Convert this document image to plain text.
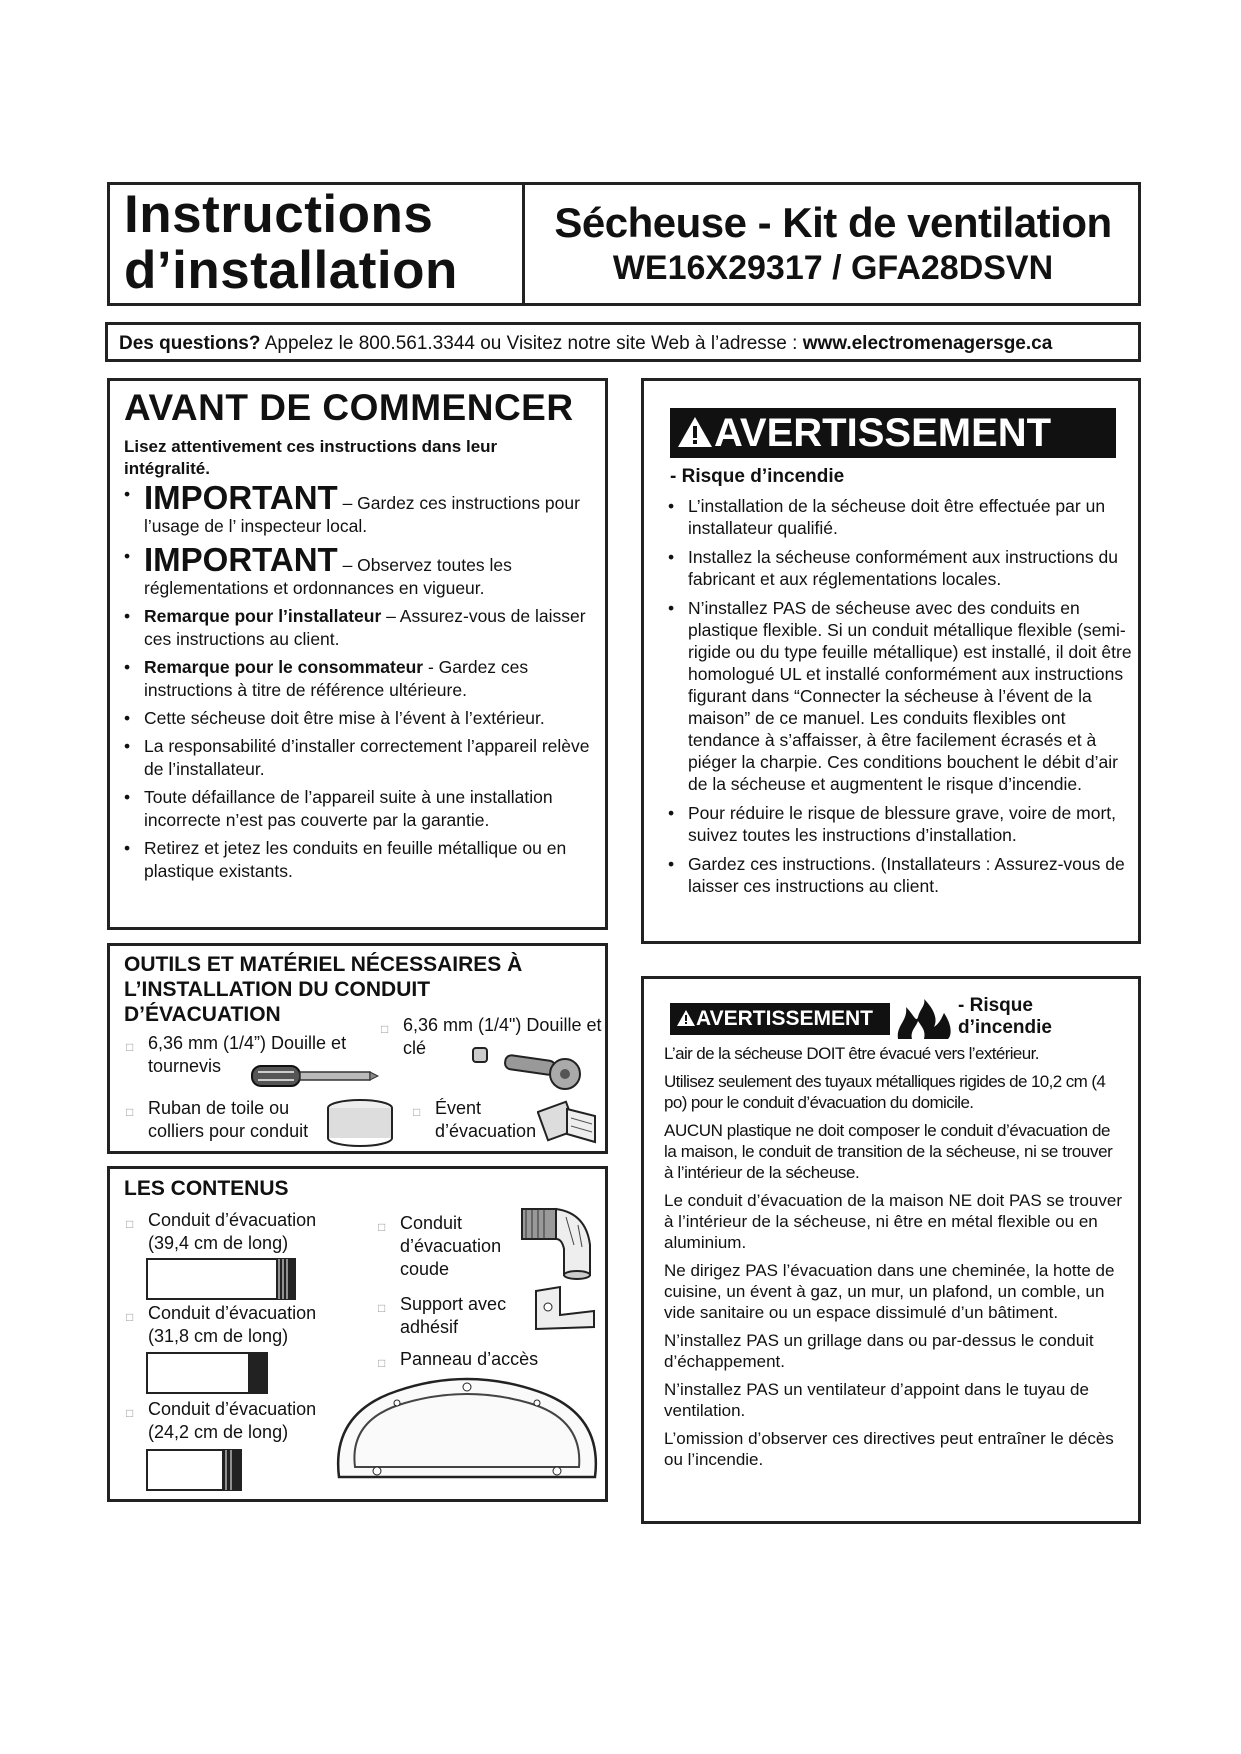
Instructions
d’installation
Sécheuse - Kit de ventilation
WE16X29317 / GFA28DSVN
Des questions? Appelez le 800.561.3344 ou Visitez notre site Web à l’adresse : www.electromenagersge.ca
AVANT DE COMMENCER
Lisez attentivement ces instructions dans leur intégralité.
• IMPORTANT – Gardez ces instructions pour l’usage de l’ inspecteur local.
• IMPORTANT – Observez toutes les réglementations et ordonnances en vigueur.
• Remarque pour l’installateur – Assurez-vous de laisser ces instructions au client.
• Remarque pour le consommateur - Gardez ces instructions à titre de référence ultérieure.
• Cette sécheuse doit être mise à l’évent à l’extérieur.
• La responsabilité d’installer correctement l’appareil relève de l’installateur.
• Toute défaillance de l’appareil suite à une installation incorrecte n’est pas couverte par la garantie.
• Retirez et jetez les conduits en feuille métallique ou en plastique existants.
OUTILS ET MATÉRIEL NÉCESSAIRES À L’INSTALLATION DU CONDUIT D’ÉVACUATION
□ 6,36 mm (1/4”) Douille et tournevis
□ 6,36 mm (1/4") Douille et clé
□ Ruban de toile ou colliers pour conduit
□ Évent d’évacuation
LES CONTENUS
□ Conduit d’évacuation (39,4 cm de long)
□ Conduit d’évacuation (31,8 cm de long)
□ Conduit d’évacuation (24,2 cm de long)
□ Conduit d’évacuation coude
□ Support avec adhésif
□ Panneau d’accès
AVERTISSEMENT
- Risque d’incendie
• L’installation de la sécheuse doit être effectuée par un installateur qualifié.
• Installez la sécheuse conformément aux instructions du fabricant et aux réglementations locales.
• N’installez PAS de sécheuse avec des conduits en plastique flexible. Si un conduit métallique flexible (semi-rigide ou du type feuille métallique) est installé, il doit être homologué UL et installé conformément aux instructions figurant dans “Connecter la sécheuse à l’évent de la maison” de ce manuel. Les conduits flexibles ont tendance à s’affaisser, à être facilement écrasés et à piéger la charpie. Ces conditions bouchent le débit d’air de la sécheuse et augmentent le risque d’incendie.
• Pour réduire le risque de blessure grave, voire de mort, suivez toutes les instructions d’installation.
• Gardez ces instructions. (Installateurs : Assurez-vous de laisser ces instructions au client.
AVERTISSEMENT
- Risque d’incendie

L’air de la sécheuse DOIT être évacué vers l’extérieur.

Utilisez seulement des tuyaux métalliques rigides de 10,2 cm (4 po) pour le conduit d’évacuation du domicile.

AUCUN plastique ne doit composer le conduit d’évacuation de la maison, le conduit de transition de la sécheuse, ni se trouver à l’intérieur de la sécheuse.

Le conduit d’évacuation de la maison NE doit PAS se trouver à l’intérieur de la sécheuse, ni être en métal flexible ou en aluminium.

Ne dirigez PAS l’évacuation dans une cheminée, la hotte de cuisine, un évent à gaz, un mur, un plafond, un comble, un vide sanitaire ou un espace dissimulé d’un bâtiment.

N’installez PAS un grillage dans ou par-dessus le conduit d’échappement.

N’installez PAS un ventilateur d’appoint dans le tuyau de ventilation.

L’omission d’observer ces directives peut entraîner le décès ou l’incendie.
